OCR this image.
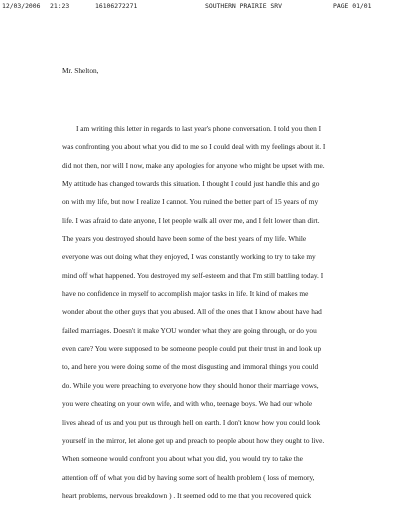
12/03/2006 21:23	16106272271	SOUTHERN PRAIRIE SRV	PAGE 01/01
Mr. Shelton,
I am writing this letter in regards to last year's phone conversation. I told you then I
was confronting you about what you did to me so I could deal with my feelings about it. I
did not then, nor will I now, make any apologies for anyone who might be upset with me.
My attitude has changed towards this situation. I thought I could just handle this and go
on with my life, but now I realize I cannot. You ruined the better part of 15 years of my
life. I was afraid to date anyone, I let people walk all over me, and I felt lower than dirt.
The years you destroyed should have been some of the best years of my life. While
everyone was out doing what they enjoyed, I was constantly working to try to take my
mind off what happened. You destroyed my self-esteem and that I'm still battling today. I
have no confidence in myself to accomplish major tasks in life. It kind of makes me
wonder about the other guys that you abused. All of the ones that I know about have had
failed marriages. Doesn't it make YOU wonder what they are going through, or do you
even care? You were supposed to be someone people could put their trust in and look up
to, and here you were doing some of the most disgusting and immoral things you could
do. While you were preaching to everyone how they should honor their marriage vows,
you were cheating on your own wife, and with who, teenage boys. We had our whole
lives ahead of us and you put us through hell on earth. I don't know how you could look
yourself in the mirror, let alone get up and preach to people about how they ought to live.
When someone would confront you about what you did, you would try to take the
attention off of what you did by having some sort of health problem ( loss of memory,
heart problems, nervous breakdown ) . It seemed odd to me that you recovered quick
